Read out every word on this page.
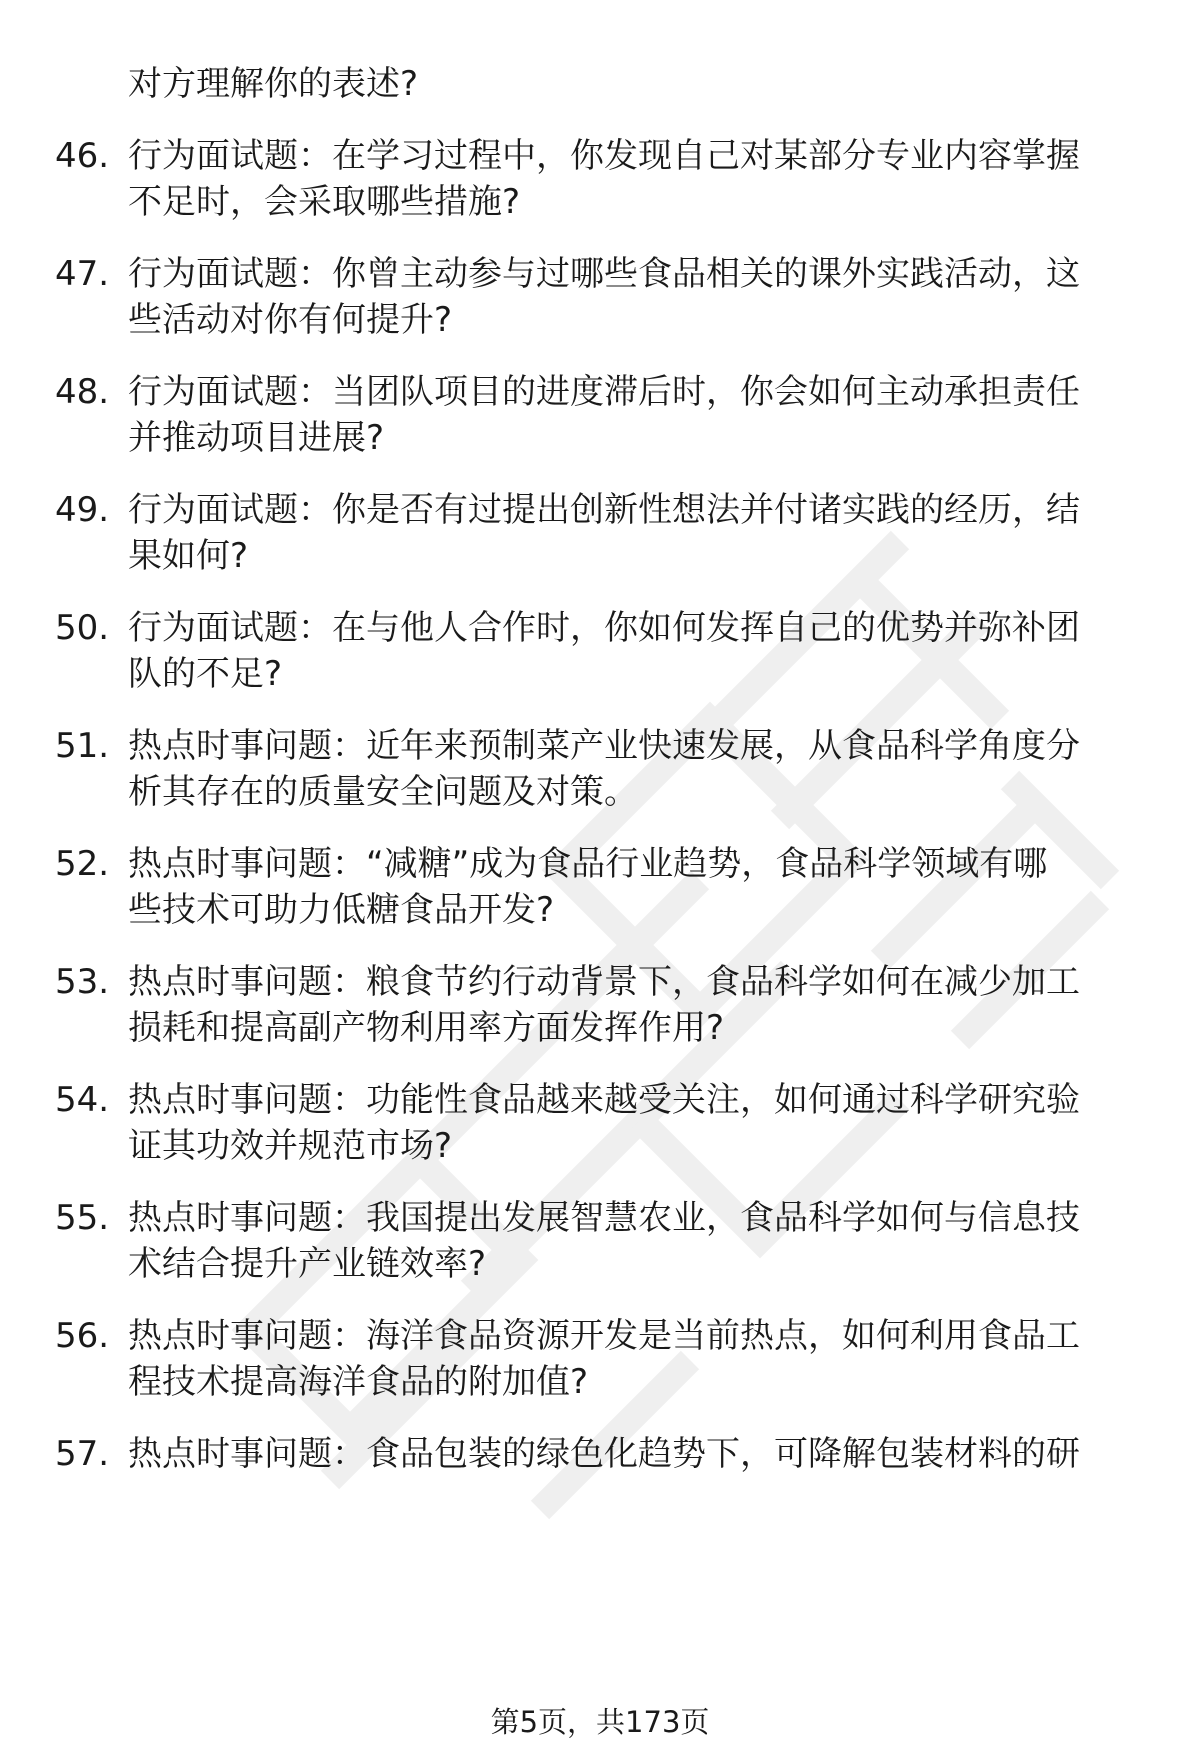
对方理解你的表述?
46. 行为面试题：在学习过程中，你发现自己对某部分专业内容掌握
不足时，会采取哪些措施?
47. 行为面试题：你曾主动参与过哪些食品相关的课外实践活动，这
些活动对你有何提升?
48. 行为面试题：当团队项目的进度滞后时，你会如何主动承担责任
并推动项目进展?
49. 行为面试题：你是否有过提出创新性想法并付诸实践的经历，结
果如何?
50. 行为面试题：在与他人合作时，你如何发挥自己的优势并弥补团
队的不足?
51. 热点时事问题：近年来预制菜产业快速发展，从食品科学角度分
析其存在的质量安全问题及对策。
52. 热点时事问题：“减糖”成为食品行业趋势，食品科学领域有哪
些技术可助力低糖食品开发?
53. 热点时事问题：粮食节约行动背景下，食品科学如何在减少加工
损耗和提高副产物利用率方面发挥作用?
54. 热点时事问题：功能性食品越来越受关注，如何通过科学研究验
证其功效并规范市场?
55. 热点时事问题：我国提出发展智慧农业，食品科学如何与信息技
术结合提升产业链效率?
56. 热点时事问题：海洋食品资源开发是当前热点，如何利用食品工
程技术提高海洋食品的附加值?
57. 热点时事问题：食品包装的绿色化趋势下，可降解包装材料的研
第5页，共173页
